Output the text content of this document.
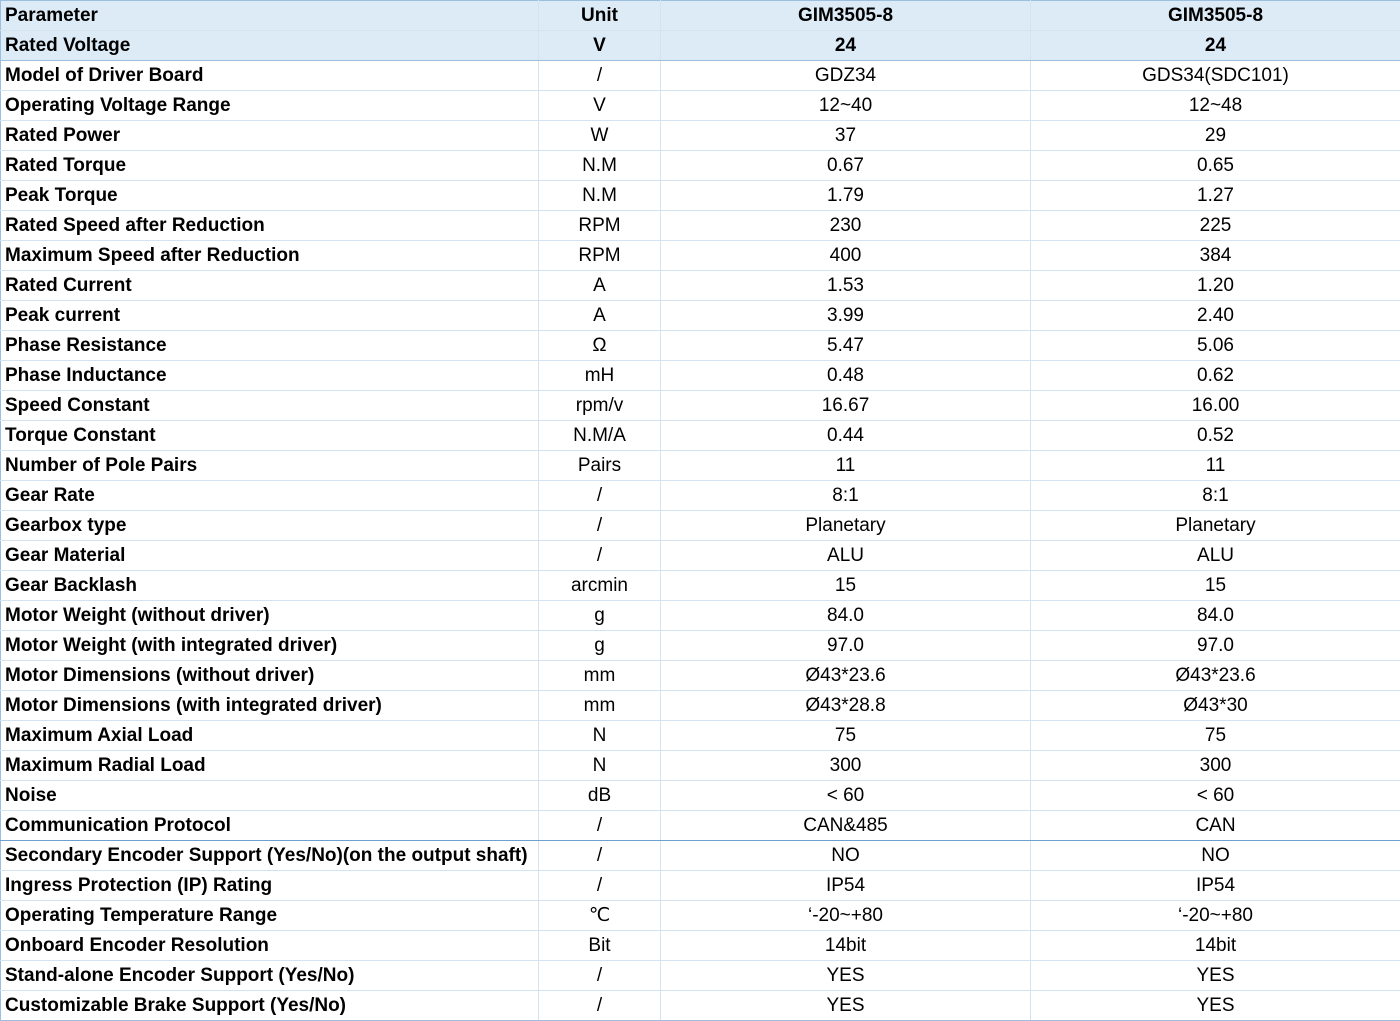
Parameter	Unit	GIM3505-8	GIM3505-8
Rated Voltage	V	24	24
Model of Driver Board	/	GDZ34	GDS34(SDC101)
Operating Voltage Range	V	12~40	12~48
Rated Power	W	37	29
Rated Torque	N.M	0.67	0.65
Peak Torque	N.M	1.79	1.27
Rated Speed after Reduction	RPM	230	225
Maximum Speed after Reduction	RPM	400	384
Rated Current	A	1.53	1.20
Peak current	A	3.99	2.40
Phase Resistance	Ω	5.47	5.06
Phase Inductance	mH	0.48	0.62
Speed Constant	rpm/v	16.67	16.00
Torque Constant	N.M/A	0.44	0.52
Number of Pole Pairs	Pairs	11	11
Gear Rate	/	8:1	8:1
Gearbox type	/	Planetary	Planetary
Gear Material	/	ALU	ALU
Gear Backlash	arcmin	15	15
Motor Weight (without driver)	g	84.0	84.0
Motor Weight (with integrated driver)	g	97.0	97.0
Motor Dimensions (without driver)	mm	Ø43*23.6	Ø43*23.6
Motor Dimensions (with integrated driver)	mm	Ø43*28.8	Ø43*30
Maximum Axial Load	N	75	75
Maximum Radial Load	N	300	300
Noise	dB	< 60	< 60
Communication Protocol	/	CAN&485	CAN
Secondary Encoder Support (Yes/No)(on the output shaft)	/	NO	NO
Ingress Protection (IP) Rating	/	IP54	IP54
Operating Temperature Range	℃	‘-20~+80	‘-20~+80
Onboard Encoder Resolution	Bit	14bit	14bit
Stand-alone Encoder Support (Yes/No)	/	YES	YES
Customizable Brake Support (Yes/No)	/	YES	YES
